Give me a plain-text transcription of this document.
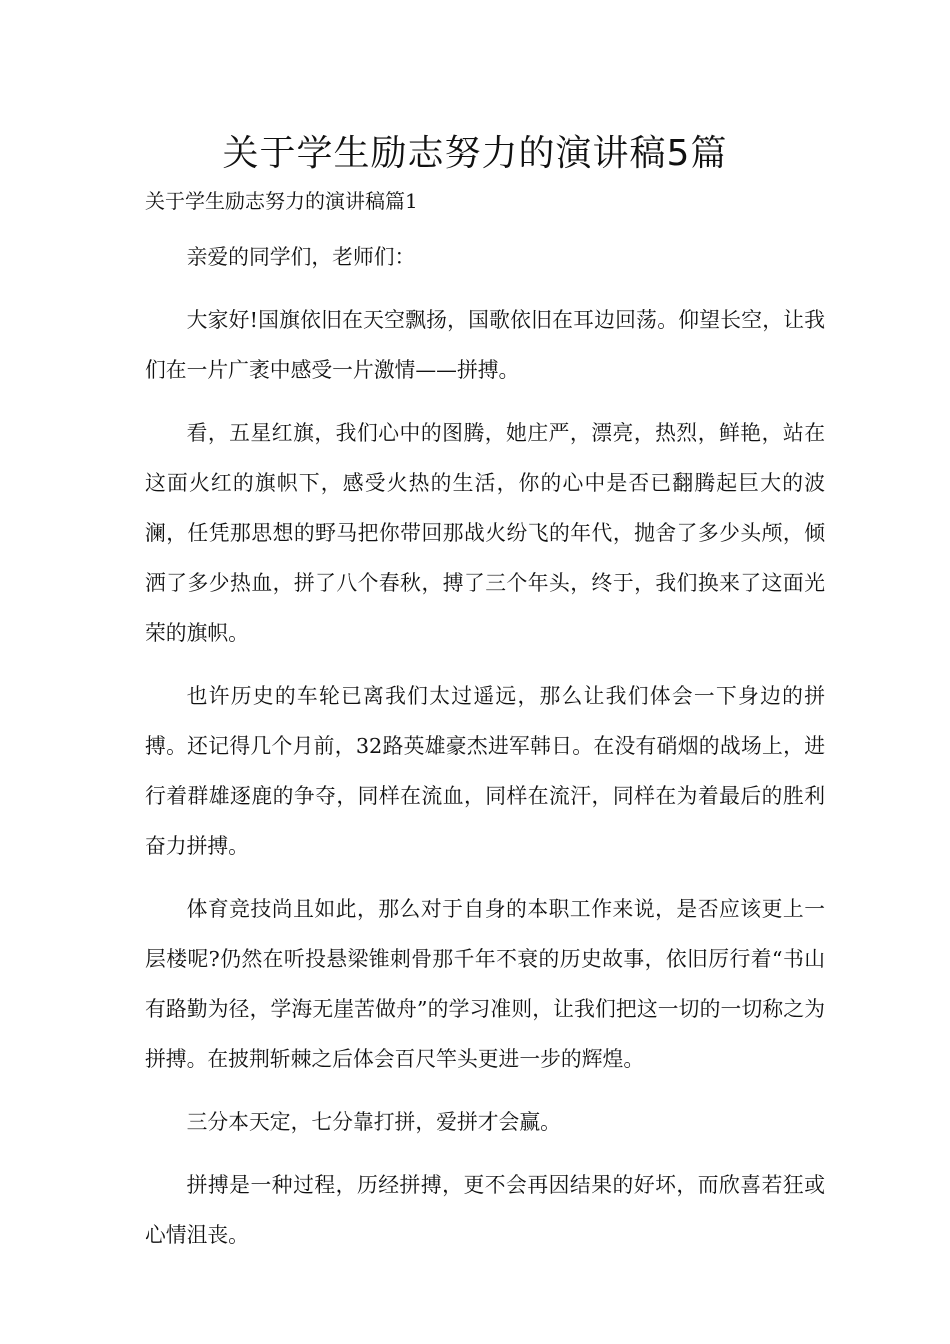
关于学生励志努力的演讲稿5篇

关于学生励志努力的演讲稿篇1

亲爱的同学们，老师们：

大家好!国旗依旧在天空飘扬，国歌依旧在耳边回荡。仰望长空，让我们在一片广袤中感受一片激情——拼搏。

看，五星红旗，我们心中的图腾，她庄严，漂亮，热烈，鲜艳，站在这面火红的旗帜下，感受火热的生活，你的心中是否已翻腾起巨大的波澜，任凭那思想的野马把你带回那战火纷飞的年代，抛舍了多少头颅，倾洒了多少热血，拼了八个春秋，搏了三个年头，终于，我们换来了这面光荣的旗帜。

也许历史的车轮已离我们太过遥远，那么让我们体会一下身边的拼搏。还记得几个月前，32路英雄豪杰进军韩日。在没有硝烟的战场上，进行着群雄逐鹿的争夺，同样在流血，同样在流汗，同样在为着最后的胜利奋力拼搏。

体育竞技尚且如此，那么对于自身的本职工作来说，是否应该更上一层楼呢?仍然在听投悬梁锥刺骨那千年不衰的历史故事，依旧厉行着“书山有路勤为径，学海无崖苦做舟”的学习准则，让我们把这一切的一切称之为拼搏。在披荆斩棘之后体会百尺竿头更进一步的辉煌。

三分本天定，七分靠打拼，爱拼才会赢。

拼搏是一种过程，历经拼搏，更不会再因结果的好坏，而欣喜若狂或心情沮丧。
